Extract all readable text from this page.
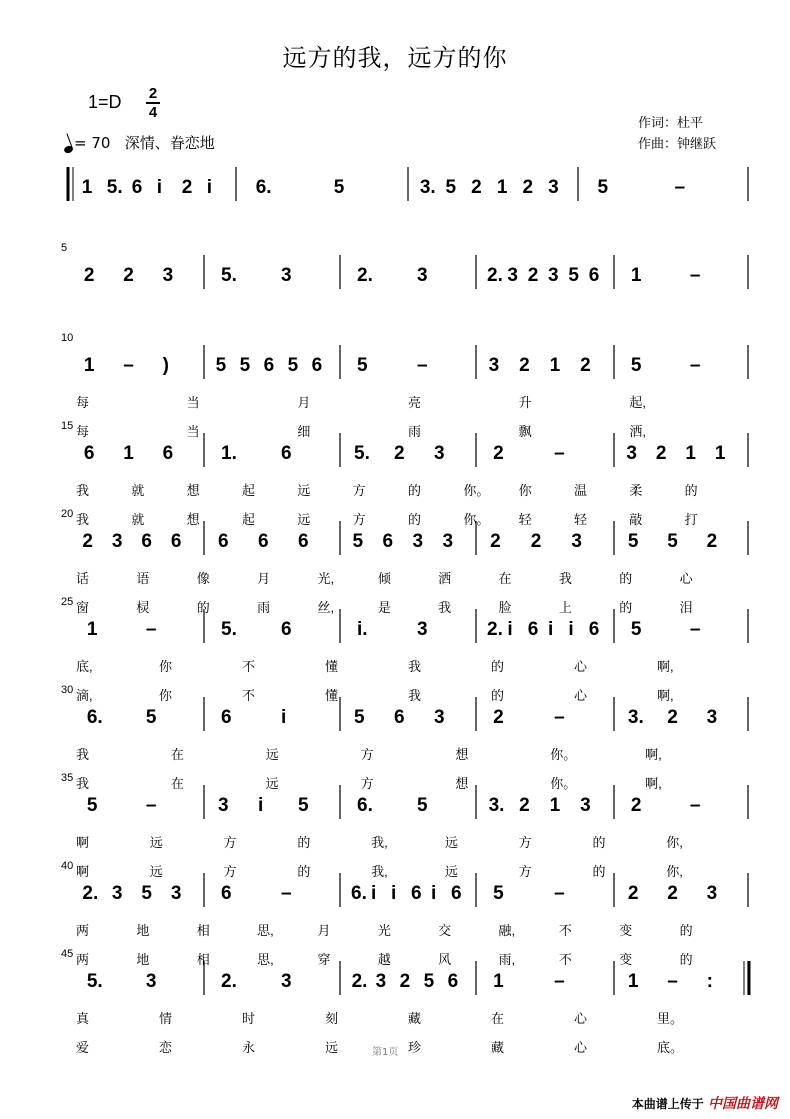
远方的我，远方的你
1=D 2
4
= 70 深情、眷恋地
作词：杜平
作曲：钟继跃
1 5. 6 i 2 i 6.	5	3. 5 2 1 2 3 5	–
2 2 3	5. 3	2. 3	2. 3 2 3 5 6 1	–
1 – ) 5 5 6 5 6 5	–	3 2 1 2 5	–
每	当	月	亮	升	起,
每	当	细	雨	飘	洒,
6 1 6	1. 6	5. 2 3	2	–	3 2 1 1
我	就	想	起	远	方	的	你。 你	温	柔	的
我	就	想	起	远	方	的	你。 轻	轻	敲	打
2 3 6 6 6 6 6 5 6 3 3 2 2 3 5 5 2
话	语	像	月	光,	倾	洒	在	我	的	心
窗	棂	的	雨	丝,	是	我	脸	上	的	泪
1	–	5. 6	i.	3	2. i 6 i i 6 5	–
底,	你	不	懂	我	的	心	啊,
滴,	你	不	懂	我	的	心	啊,
6. 5	6	i	5 6 3	2	–	3. 2 3
我	在	远	方	想	你。	啊,
我	在	远	方	想	你。	啊,
5	–	3 i 5	6. 5	3. 2 1 3 2	–
啊	远	方	的	我,	远	方	的	你,
啊	远	方	的	我,	远	方	的	你,
2. 3 5 3 6	–	6. i i 6 i 6 5	–	2 2 3
两	地	相	思,	月	光	交	融,	不	变	的
两	地	相	思,	穿	越	风	雨,	不	变	的
5. 3	2. 3	2. 3 2 5 6 1	–	1 – :
真	情	时	刻	藏	在	心	里。
爱	恋	永	远	珍	藏	心	底。
5
10
15
20
25
30
35
40
45
第1页
本曲谱上传于 中国曲谱网
